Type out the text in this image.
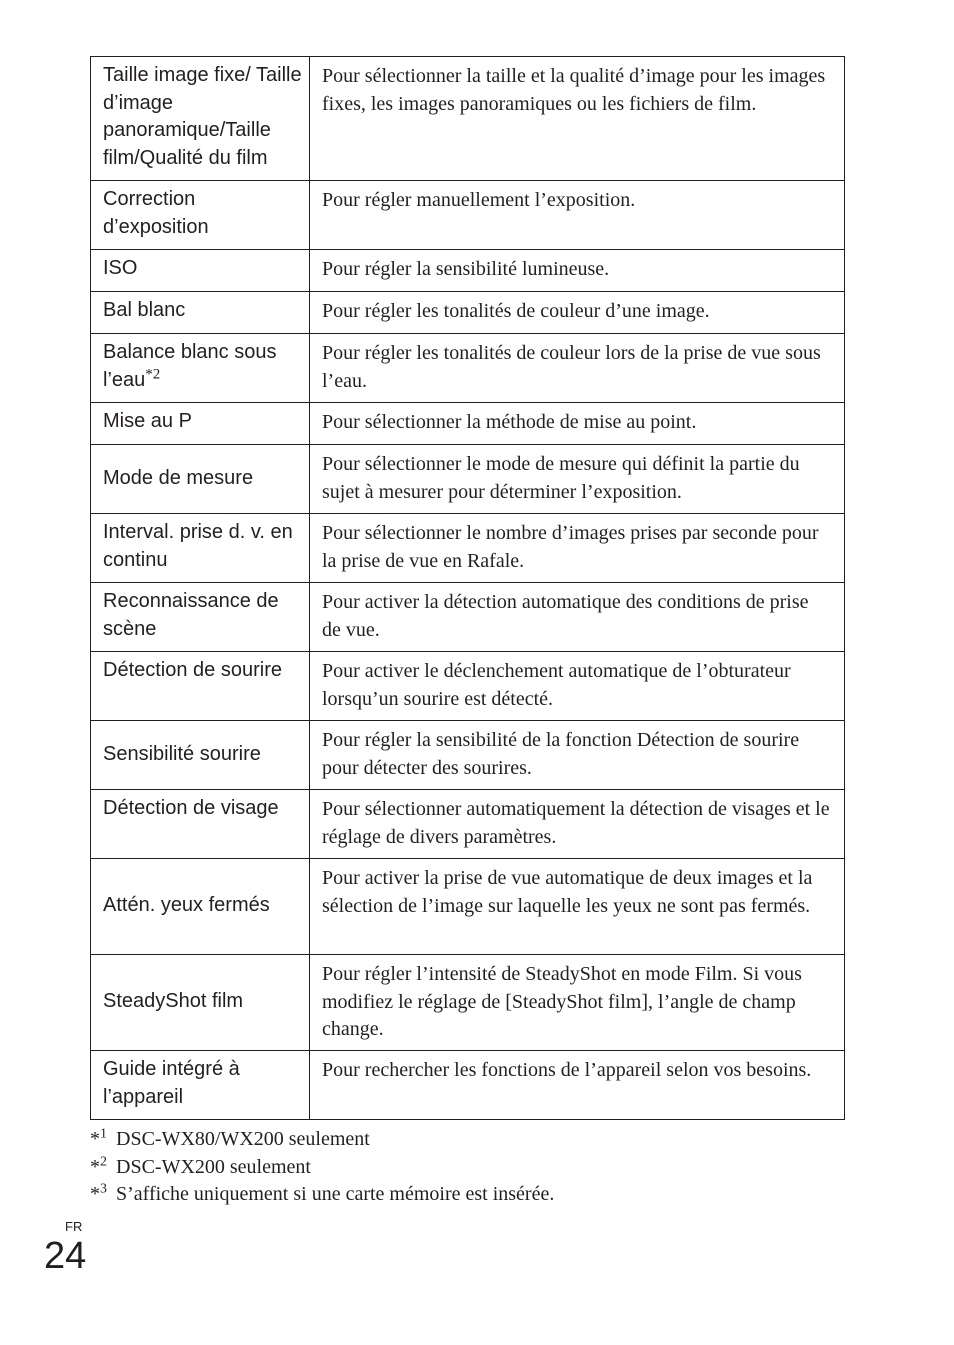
Taille image fixe/ Taille d’image panoramique/Taille film/Qualité du film	Pour sélectionner la taille et la qualité d’image pour les images fixes, les images panoramiques ou les fichiers de film.

Correction d’exposition	Pour régler manuellement l’exposition.

ISO	Pour régler la sensibilité lumineuse.

Bal blanc	Pour régler les tonalités de couleur d’une image.

Balance blanc sous l’eau$^{*2}$	Pour régler les tonalités de couleur lors de la prise de vue sous l’eau.

Mise au P	Pour sélectionner la méthode de mise au point.

Mode de mesure	Pour sélectionner le mode de mesure qui définit la partie du sujet à mesurer pour déterminer l’exposition.

Interval. prise d. v. en continu	Pour sélectionner le nombre d’images prises par seconde pour la prise de vue en Rafale.

Reconnaissance de scène	Pour activer la détection automatique des conditions de prise de vue.

Détection de sourire	Pour activer le déclenchement automatique de l’obturateur lorsqu’un sourire est détecté.

Sensibilité sourire	Pour régler la sensibilité de la fonction Détection de sourire pour détecter des sourires.

Détection de visage	Pour sélectionner automatiquement la détection de visages et le réglage de divers paramètres.

Attén. yeux fermés	Pour activer la prise de vue automatique de deux images et la sélection de l’image sur laquelle les yeux ne sont pas fermés.

SteadyShot film	Pour régler l’intensité de SteadyShot en mode Film. Si vous modifiez le réglage de [SteadyShot film], l’angle de champ change.

Guide intégré à l’appareil	Pour rechercher les fonctions de l’appareil selon vos besoins.
*$^1$ DSC-WX80/WX200 seulement
*$^2$ DSC-WX200 seulement
*$^3$ S’affiche uniquement si une carte mémoire est insérée.
FR
24
